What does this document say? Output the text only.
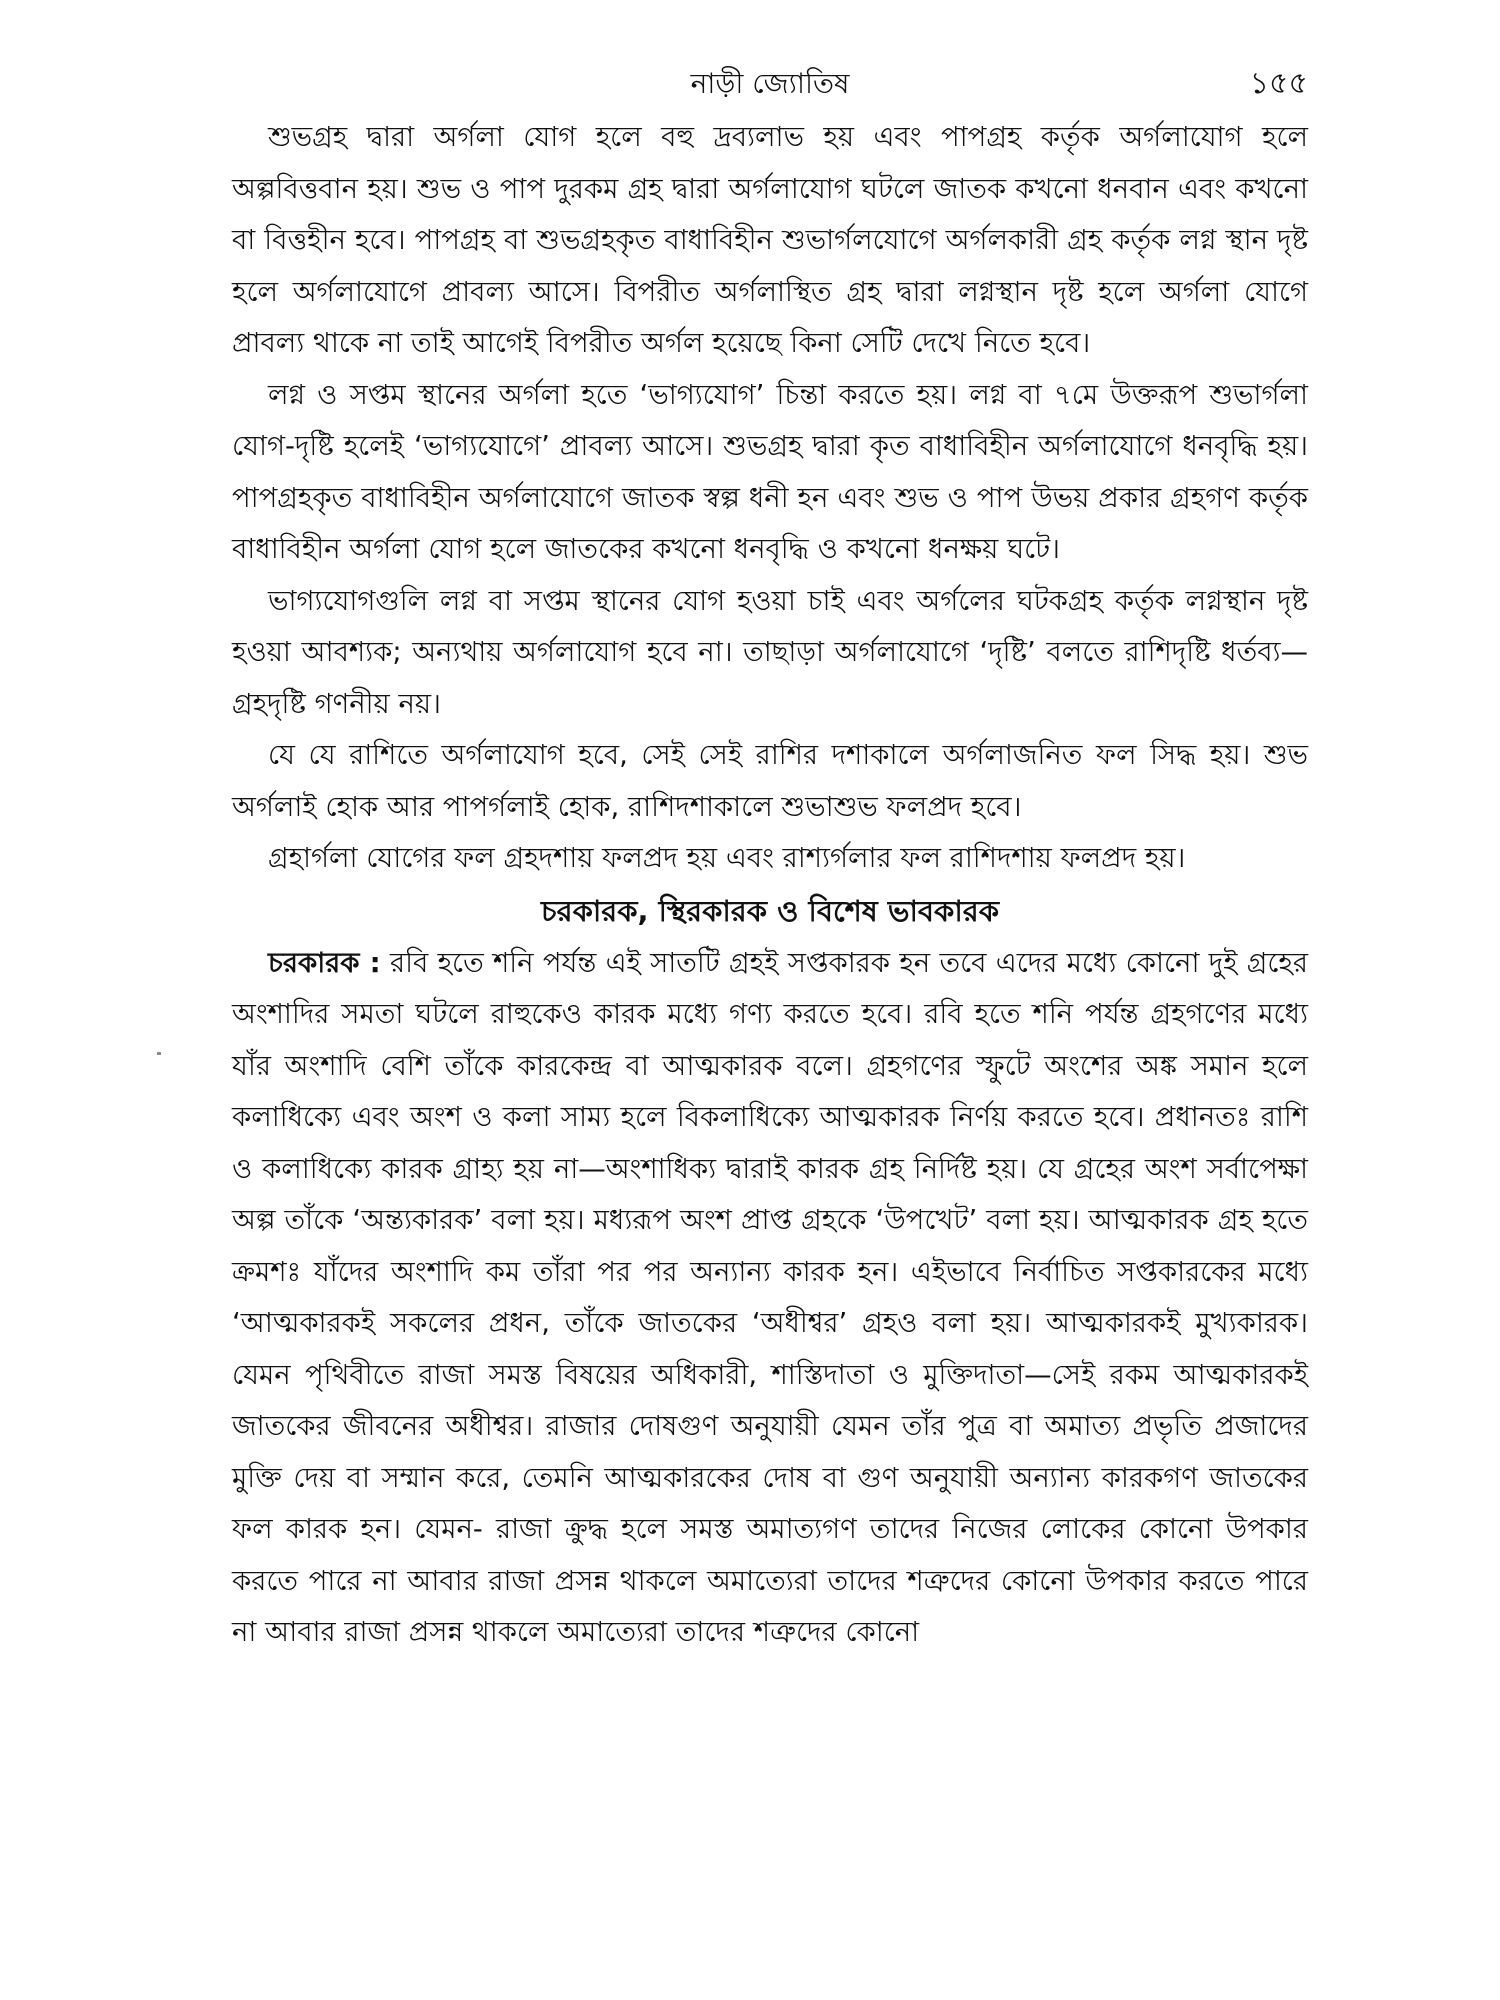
নাড়ী জ্যোতিষ	১৫৫

শুভগ্রহ দ্বারা অর্গলা যোগ হলে বহু দ্রব্যলাভ হয় এবং পাপগ্রহ কর্তৃক অর্গলাযোগ হলে অল্পবিত্তবান হয়। শুভ ও পাপ দুরকম গ্রহ দ্বারা অর্গলাযোগ ঘটলে জাতক কখনো ধনবান এবং কখনো বা বিত্তহীন হবে। পাপগ্রহ বা শুভগ্রহকৃত বাধাবিহীন শুভার্গলযোগে অর্গলকারী গ্রহ কর্তৃক লগ্ন স্থান দৃষ্ট হলে অর্গলাযোগে প্রাবল্য আসে। বিপরীত অর্গলাস্থিত গ্রহ দ্বারা লগ্নস্থান দৃষ্ট হলে অর্গলা যোগে প্রাবল্য থাকে না তাই আগেই বিপরীত অর্গল হয়েছে কিনা সেটি দেখে নিতে হবে।

লগ্ন ও সপ্তম স্থানের অর্গলা হতে ‘ভাগ্যযোগ’ চিন্তা করতে হয়। লগ্ন বা ৭মে উক্তরূপ শুভার্গলা যোগ-দৃষ্টি হলেই ‘ভাগ্যযোগে’ প্রাবল্য আসে। শুভগ্রহ দ্বারা কৃত বাধাবিহীন অর্গলাযোগে ধনবৃদ্ধি হয়। পাপগ্রহকৃত বাধাবিহীন অর্গলাযোগে জাতক স্বল্প ধনী হন এবং শুভ ও পাপ উভয় প্রকার গ্রহগণ কর্তৃক বাধাবিহীন অর্গলা যোগ হলে জাতকের কখনো ধনবৃদ্ধি ও কখনো ধনক্ষয় ঘটে।

ভাগ্যযোগগুলি লগ্ন বা সপ্তম স্থানের যোগ হওয়া চাই এবং অর্গলের ঘটকগ্রহ কর্তৃক লগ্নস্থান দৃষ্ট হওয়া আবশ্যক; অন্যথায় অর্গলাযোগ হবে না। তাছাড়া অর্গলাযোগে ‘দৃষ্টি’ বলতে রাশিদৃষ্টি ধর্তব্য—গ্রহদৃষ্টি গণনীয় নয়।

যে যে রাশিতে অর্গলাযোগ হবে, সেই সেই রাশির দশাকালে অর্গলাজনিত ফল সিদ্ধ হয়। শুভ অর্গলাই হোক আর পাপর্গলাই হোক, রাশিদশাকালে শুভাশুভ ফলপ্রদ হবে।

গ্রহার্গলা যোগের ফল গ্রহদশায় ফলপ্রদ হয় এবং রাশ্যর্গলার ফল রাশিদশায় ফলপ্রদ হয়।

চরকারক, স্থিরকারক ও বিশেষ ভাবকারক

চরকারক : রবি হতে শনি পর্যন্ত এই সাতটি গ্রহই সপ্তকারক হন তবে এদের মধ্যে কোনো দুই গ্রহের অংশাদির সমতা ঘটলে রাহুকেও কারক মধ্যে গণ্য করতে হবে। রবি হতে শনি পর্যন্ত গ্রহগণের মধ্যে যাঁর অংশাদি বেশি তাঁকে কারকেন্দ্র বা আত্মকারক বলে। গ্রহগণের স্ফুটে অংশের অঙ্ক সমান হলে কলাধিক্যে এবং অংশ ও কলা সাম্য হলে বিকলাধিক্যে আত্মকারক নির্ণয় করতে হবে। প্রধানতঃ রাশি ও কলাধিক্যে কারক গ্রাহ্য হয় না—অংশাধিক্য দ্বারাই কারক গ্রহ নির্দিষ্ট হয়। যে গ্রহের অংশ সর্বাপেক্ষা অল্প তাঁকে ‘অন্ত্যকারক’ বলা হয়। মধ্যরূপ অংশ প্রাপ্ত গ্রহকে ‘উপখেট’ বলা হয়। আত্মকারক গ্রহ হতে ক্রমশঃ যাঁদের অংশাদি কম তাঁরা পর পর অন্যান্য কারক হন। এইভাবে নির্বাচিত সপ্তকারকের মধ্যে ‘আত্মকারকই সকলের প্রধন, তাঁকে জাতকের ‘অধীশ্বর’ গ্রহও বলা হয়। আত্মকারকই মুখ্যকারক। যেমন পৃথিবীতে রাজা সমস্ত বিষয়ের অধিকারী, শাস্তিদাতা ও মুক্তিদাতা—সেই রকম আত্মকারকই জাতকের জীবনের অধীশ্বর। রাজার দোষগুণ অনুযায়ী যেমন তাঁর পুত্র বা অমাত্য প্রভৃতি প্রজাদের মুক্তি দেয় বা সম্মান করে, তেমনি আত্মকারকের দোষ বা গুণ অনুযায়ী অন্যান্য কারকগণ জাতকের ফল কারক হন। যেমন- রাজা ক্রুদ্ধ হলে সমস্ত অমাত্যগণ তাদের নিজের লোকের কোনো উপকার করতে পারে না আবার রাজা প্রসন্ন থাকলে অমাত্যেরা তাদের শত্রুদের কোনো উপকার করতে পারে না আবার রাজা প্রসন্ন থাকলে অমাত্যেরা তাদের শত্রুদের কোনো
